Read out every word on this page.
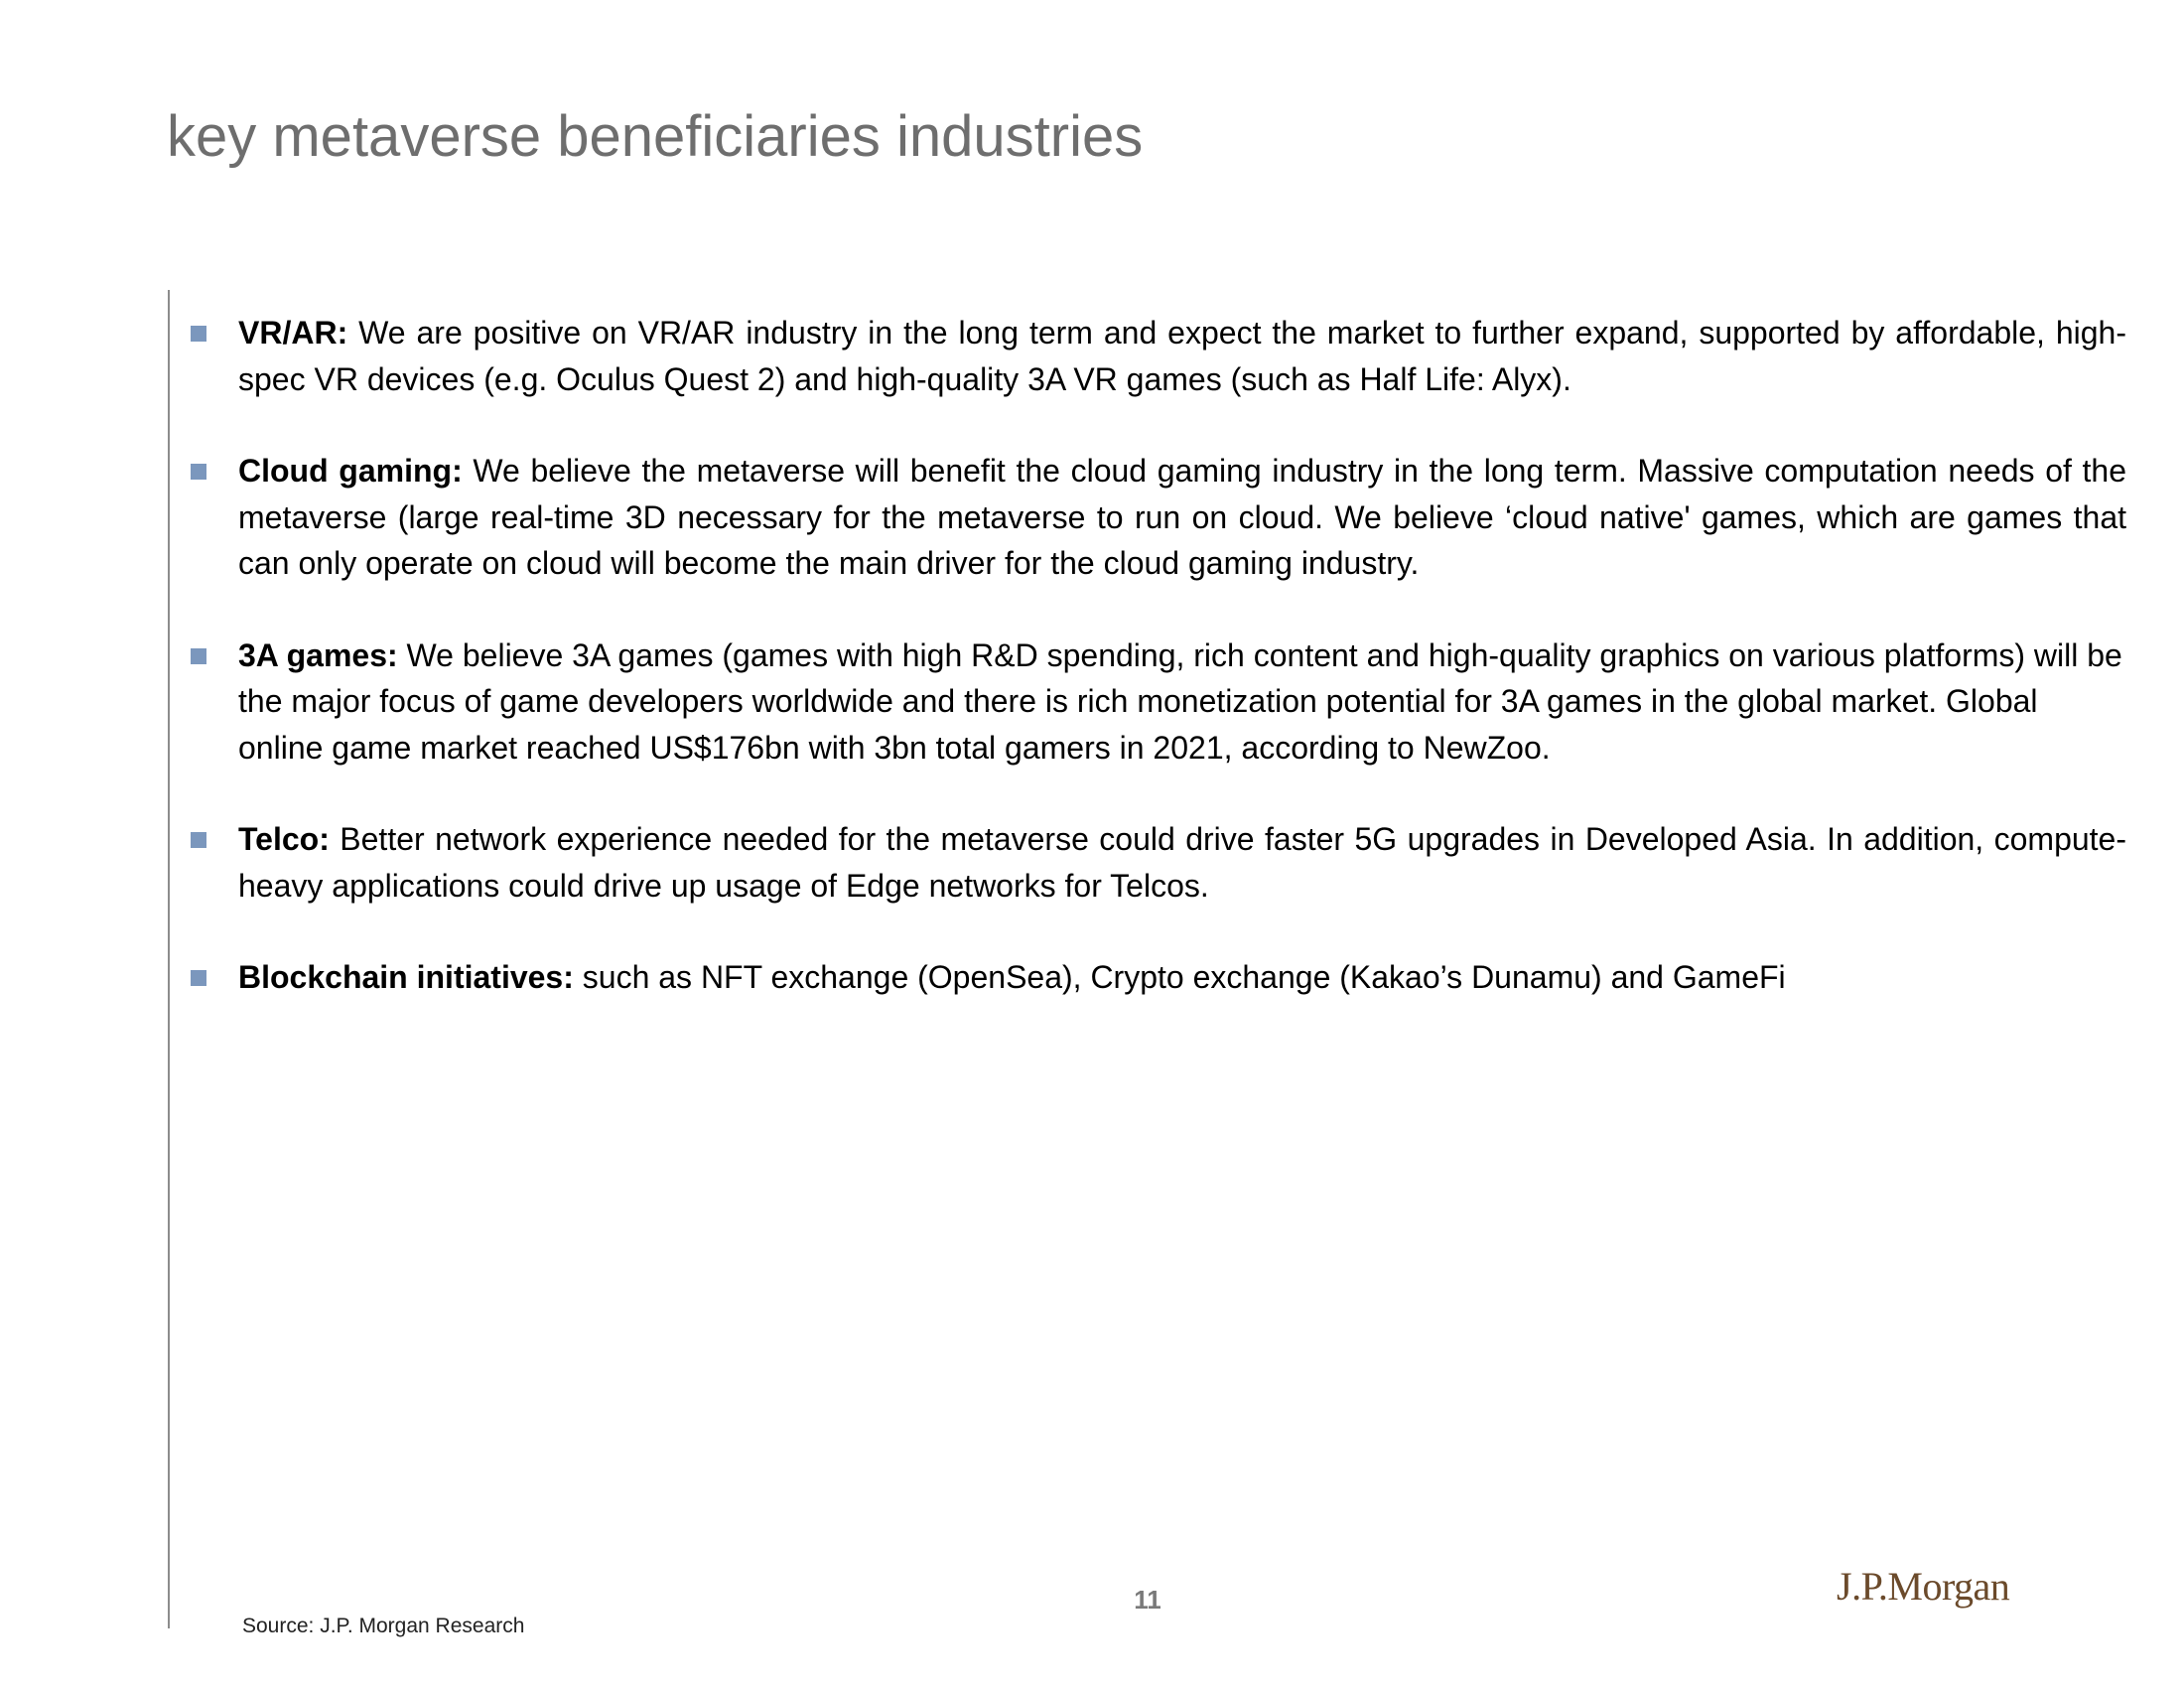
key metaverse beneficiaries industries
VR/AR: We are positive on VR/AR industry in the long term and expect the market to further expand, supported by affordable, high-spec VR devices (e.g. Oculus Quest 2) and high-quality 3A VR games (such as Half Life: Alyx).
Cloud gaming: We believe the metaverse will benefit the cloud gaming industry in the long term. Massive computation needs of the metaverse (large real-time 3D necessary for the metaverse to run on cloud. We believe ‘cloud native' games, which are games that can only operate on cloud will become the main driver for the cloud gaming industry.
3A games: We believe 3A games (games with high R&D spending, rich content and high-quality graphics on various platforms) will be the major focus of game developers worldwide and there is rich monetization potential for 3A games in the global market. Global online game market reached US$176bn with 3bn total gamers in 2021, according to NewZoo.
Telco: Better network experience needed for the metaverse could drive faster 5G upgrades in Developed Asia. In addition, compute-heavy applications could drive up usage of Edge networks for Telcos.
Blockchain initiatives: such as NFT exchange (OpenSea), Crypto exchange (Kakao’s Dunamu) and GameFi
11
Source: J.P. Morgan Research
J.P.Morgan
